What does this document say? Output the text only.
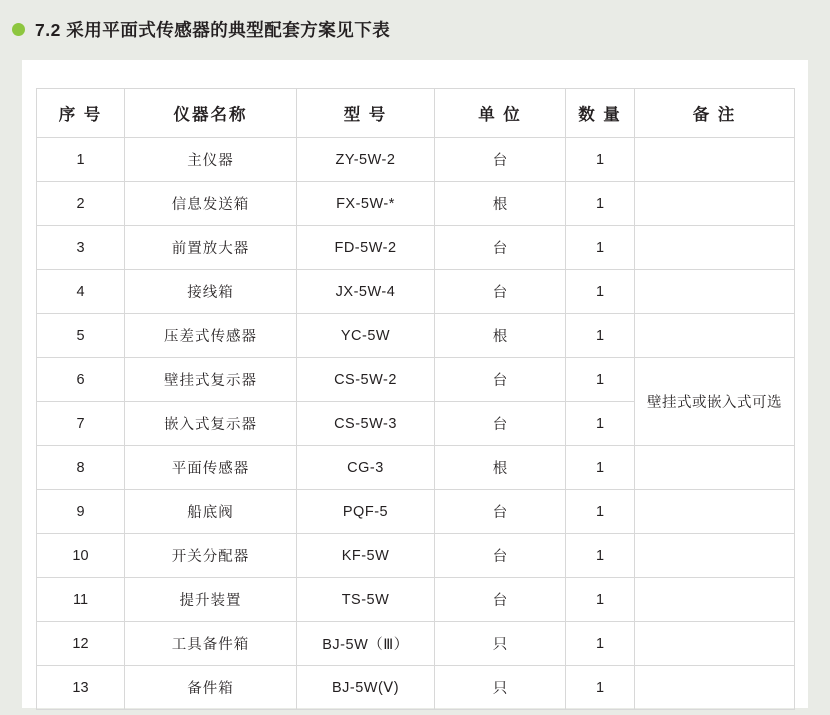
7.2 采用平面式传感器的典型配套方案见下表
序 号	仪器名称	型 号	单 位	数 量	备 注
1	主仪器	ZY-5W-2	台	1	
2	信息发送箱	FX-5W-*	根	1	
3	前置放大器	FD-5W-2	台	1	
4	接线箱	JX-5W-4	台	1	
5	压差式传感器	YC-5W	根	1	
6	壁挂式复示器	CS-5W-2	台	1	壁挂式或嵌入式可选
7	嵌入式复示器	CS-5W-3	台	1	
8	平面传感器	CG-3	根	1	
9	船底阀	PQF-5	台	1	
10	开关分配器	KF-5W	台	1	
11	提升装置	TS-5W	台	1	
12	工具备件箱	BJ-5W（Ⅲ）	只	1	
13	备件箱	BJ-5W(Ⅴ)	只	1	
